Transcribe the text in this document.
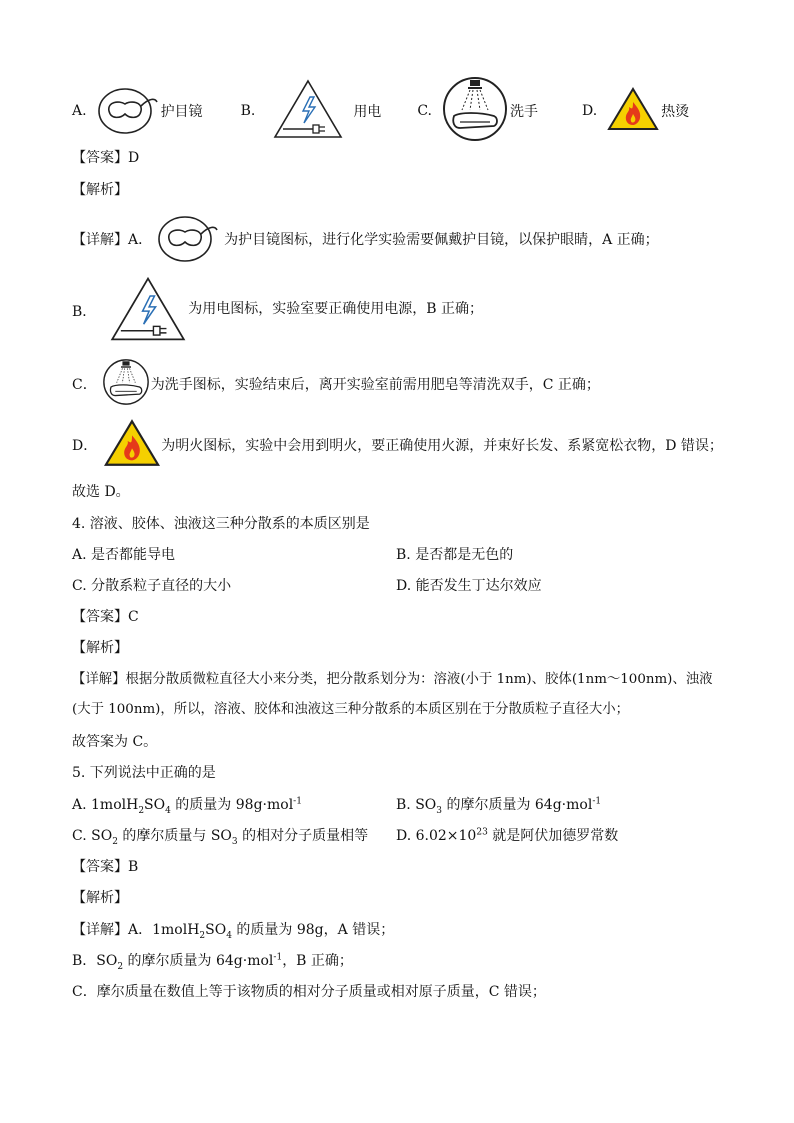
A.	护目镜	B.	用电	C.	洗手	D.	热烫
【答案】D
【解析】
【详解】A．	为护目镜图标，进行化学实验需要佩戴护目镜，以保护眼睛，A 正确；
B．	为用电图标，实验室要正确使用电源，B 正确；
C．	为洗手图标，实验结束后，离开实验室前需用肥皂等清洗双手，C 正确；
D．	为明火图标，实验中会用到明火，要正确使用火源，并束好长发、系紧宽松衣物，D 错误；
故选 D。
4. 溶液、胶体、浊液这三种分散系的本质区别是
A. 是否都能导电	B. 是否都是无色的
C. 分散系粒子直径的大小	D. 能否发生丁达尔效应
【答案】C
【解析】
【详解】根据分散质微粒直径大小来分类，把分散系划分为：溶液(小于 1nm)、胶体(1nm～100nm)、浊液
(大于 100nm)，所以，溶液、胶体和浊液这三种分散系的本质区别在于分散质粒子直径大小；
故答案为 C。
5. 下列说法中正确的是
A. $1molH_2SO_4$ 的质量为 98g·mol$^{-1}$	B. $SO_3$ 的摩尔质量为 64g·mol$^{-1}$
C. $SO_2$ 的摩尔质量与 $SO_3$ 的相对分子质量相等 D. $6.02\times 10^{23}$ 就是阿伏加德罗常数
【答案】B
【解析】
【详解】A．$1molH_2SO_4$ 的质量为 98g，A 错误；
B．$SO_2$ 的摩尔质量为 64g·mol$^{-1}$，B 正确；
C．摩尔质量在数值上等于该物质的相对分子质量或相对原子质量，C 错误；
